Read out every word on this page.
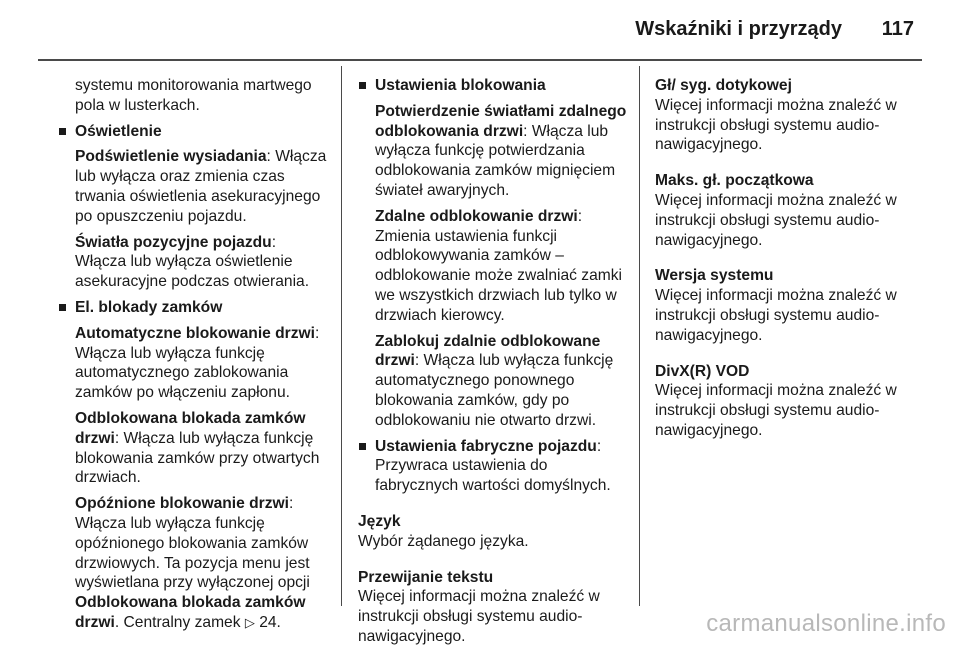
Wskaźniki i przyrządy 117

systemu monitorowania martwego pola w lusterkach.

Oświetlenie

Podświetlenie wysiadania: Włącza lub wyłącza oraz zmienia czas trwania oświetlenia asekuracyjnego po opuszczeniu pojazdu.

Światła pozycyjne pojazdu: Włącza lub wyłącza oświetlenie asekuracyjne podczas otwierania.

El. blokady zamków

Automatyczne blokowanie drzwi: Włącza lub wyłącza funkcję automatycznego zablokowania zamków po włączeniu zapłonu.

Odblokowana blokada zamków drzwi: Włącza lub wyłącza funkcję blokowania zamków przy otwartych drzwiach.

Opóźnione blokowanie drzwi: Włącza lub wyłącza funkcję opóźnionego blokowania zamków drzwiowych. Ta pozycja menu jest wyświetlana przy wyłączonej opcji
Odblokowana blokada zamków drzwi. Centralny zamek ▷ 24.

Ustawienia blokowania

Potwierdzenie światłami zdalnego odblokowania drzwi: Włącza lub wyłącza funkcję potwierdzania odblokowania zamków mignięciem świateł awaryjnych.

Zdalne odblokowanie drzwi: Zmienia ustawienia funkcji odblokowywania zamków – odblokowanie może zwalniać zamki we wszystkich drzwiach lub tylko w drzwiach kierowcy.

Zablokuj zdalnie odblokowane drzwi: Włącza lub wyłącza funkcję automatycznego ponownego blokowania zamków, gdy po odblokowaniu nie otwarto drzwi.

Ustawienia fabryczne pojazdu: Przywraca ustawienia do fabrycznych wartości domyślnych.

Język

Wybór żądanego języka.

Przewijanie tekstu

Więcej informacji można znaleźć w instrukcji obsługi systemu audio-nawigacyjnego.

Gł/ syg. dotykowej

Więcej informacji można znaleźć w instrukcji obsługi systemu audio-nawigacyjnego.

Maks. gł. początkowa

Więcej informacji można znaleźć w instrukcji obsługi systemu audio-nawigacyjnego.

Wersja systemu

Więcej informacji można znaleźć w instrukcji obsługi systemu audio-nawigacyjnego.

DivX(R) VOD

Więcej informacji można znaleźć w instrukcji obsługi systemu audio-nawigacyjnego.

carmanualsonline.info
